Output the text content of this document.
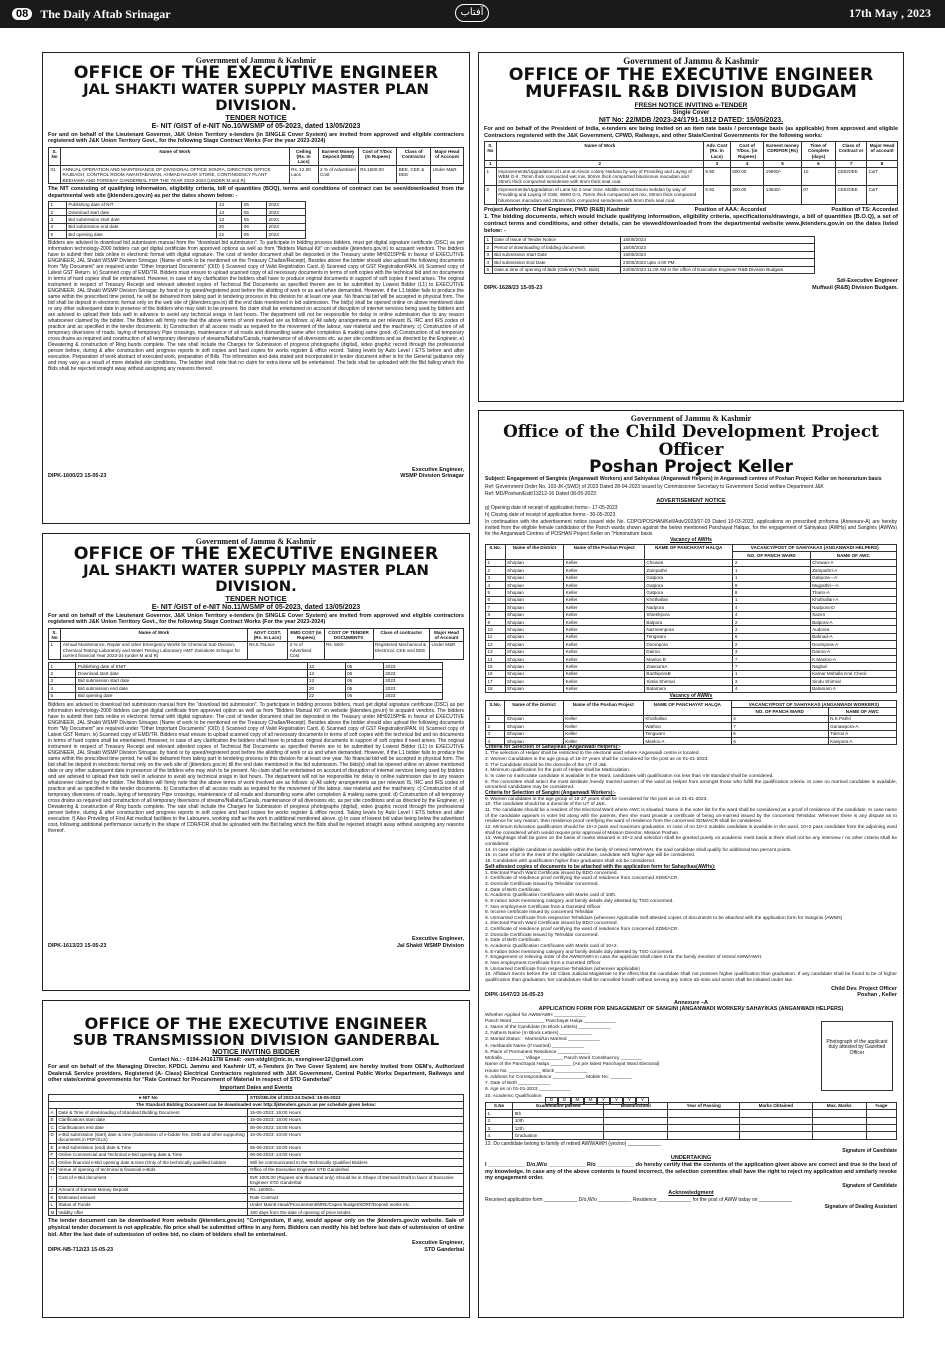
08	The Daily Aftab Srinagar	آفتاب	17th May , 2023
Government of Jammu & Kashmir
OFFICE OF THE EXECUTIVE ENGINEER
JAL SHAKTI WATER SUPPLY MASTER PLAN DIVISION.
TENDER NOTICE
E- NIT /GIST of e-NIT No.10/WSMP of 05-2023, dated 13/05/2023
For and on behalf of the Lieutenant Governor, J&K Union Territory e-tenders (in SINGLE Cover System) are invited from approved and eligible contractors registered with J&K Union Territory Govt., for the following Stage Contract Works (For the year 2023-2024)
S. No	Name of Work	Ceiling (Rs. In Lacs)	Earnest Money Deposit (EMD)	Cost of T/Doc (In Rupees)	Class of Contractor	Major Head of Account
01	ANNUAL OPERATION AND MAINTENANCE OF DIVISIONAL OFFICE SOURA, DIRECTION OFFICE RAJBAGH, CONTROL ROOM AWANTABAWAN, AHMAD NAGAR STORE, CONTINGENCY PLANT BEEHAMA AND FOREBAY GANDERBAL FOR THE YEAR 2023-2024 (UNDER M and R).	Rs. 12.00 Lacs	2 % of Advertised Cost	Rs.1500.00	BEE, CEE & DEE	Under M&R
The NIT consisting of qualifying information, eligibility criteria, bill of quantities (BOQ), terms and conditions of contract can be seen/downloaded from the departmental web site (jktenders.gov.in) as per the dates shown below: -
1	Publishing date of NIT	13	05	2023
2	Download start date	13	05	2023
3	Bid submission start date	13	05	2023
4	Bid submission end date	20	05	2023
5	Bid opening date	22	05	2023
Bidders are advised to download bid submission manual from the "download bid submission". To participate in bidding process bidders, must get digital signature certificate (DSC) as per information technology-2000 bidders can get digital certificate from approved options as well as from "Bidders Manual Kit" on website (jktenders.gov.in) to acquaint vendors. The bidders have to submit their bids online in electronic format with digital signature. The cost of tender document shall be deposited in the Treasury under MH0215PHE in favour of EXECUTIVE ENGINEER, JAL Shakti WSMP Division Srinagar. (Name of work to be mentioned on the Treasury Challan/Receipt). Besides above the bidder should also upload the following documents from "My Document" are required under "Other Important Documents" (OID) i) Scanned copy of Valid Registration Card. ii) Scanned copy of GST Registration/PAN. iii) Scanned copy of Latest GST Return. iv) Scanned copy of EMD/TR. Bidders must ensure to upload scanned copy of all necessary documents in terms of soft copies with the technical bid and no documents in terms of hard copies shall be entertained. However, in case of any clarification the bidders shall have to produce original documents in support of soft copies if need arises. The original instrument in respect of Treasury Receipt and relevant attested copies of Technical Bid Documents as specified therein are to be submitted by Lowest Bidder (L1) to EXECUTIVE ENGINEER, JAL Shakti WSMP Division Srinagar. by hand or by speed/registered post before the allotting of work or as and when demanded. However, if the L1 bidder fails to produce the same within the prescribed time period, he will be debarred from taking part in tendering process in this division for at least one year. No financial bid will be accepted in physical form. The bid shall be deposit in electronic format only on the web site of (jktenders.gov.in) till the end date mentioned in bid submission. The bid(s) shall be opened online on above mentioned date or any other subsequent date in presence of the bidders who may wish to be present. No claim shall be entertained on account of disruption of internet services being used by bidders and are advised to upload their bids well in advance to avoid any technical snags in last hours. The department will not be responsible for delay in online submission due to any reason whatsoever claimed by the bidder. The Bidders will firmly note that the above terms of work involved are as follows: a) All safety arrangements as per relevant IS, IRC and IRS codes of practice and as specified in the tender documents. b) Construction of all access roads as required for the movement of the labour, raw material and the machinery. c) Construction of all temporary diversions of roads, laying of temporary Pipe crossings, maintenance of all roads and dismantling same after completion & making same good. d) Construction of all temporary cross drains as required and construction of all temporary diversions of streams/Nallahs/Canals, maintenance of all diversions etc. as per site conditions and as directed by the Engineer. e) Dewatering & construction of Ring bunds complete. The rate shall include the Charges for Submission of progress photographs (digital), video graphic record through the professional person before, during & after construction and progress reports in soft copies and hard copies for works register & office record. Taking levels by Auto Level / ETS before and after execution. Preparation of work abstract of executed work, preparation of Bills. The information and data stated and incorporated in tender document either is for the General guidance only and may vary as a result of more detailed site conditions. The bidder shall note that no claim for extra items will be entertained. The bids shall be uploaded with the Bid failing which the Bids shall be rejected straight away without assigning any reasons thereof.
Executive Engineer,
DIPK-1600/23 15-05-23	WSMP Division Srinagar
Government of Jammu & Kashmir
OFFICE OF THE EXECUTIVE ENGINEER
JAL SHAKTI WATER SUPPLY MASTER PLAN DIVISION.
TENDER NOTICE
E- NIT /GIST of e-NIT No.11/WSMP of 05-2023, dated 13/05/2023
For and on behalf of the Lieutenant Governor, J&K Union Territory e-tenders (in SINGLE Cover System) are invited from approved and eligible contractors registered with J&K Union Territory Govt., for the following Stage Contract Works (For the year 2023-2024)
S. No	Name of Work	ADVT COST. (Rs. In Lacs)	EMD COST (In Rupees)	COST OF TENDER DOCUMENTS	Class of contractor	Major Head of Account
1	Annual Maintenance, Repair and other Emergency Works for Chemical Sub Division, Chemical Testing Laboratory and Water Testing Laboratory HMT Zainakote Srinagar for current financial Year 2023-24 (under M and R)	Rs.5.75Lacs	2 % of Advertised Cost	Rs. 500/-	Registered Mechanical & Electrical, CEE and DEE	Under M&R
1	Publishing date of ENIT	13	05	2023
2	Download start date	13	05	2023
3	Bid submission start date	13	05	2023
4	Bid submission end date	20	05	2023
5	Bid opening date	22	05	2023
Bidders are advised to download bid submission manual from the "download bid submission". To participate in bidding process bidders, must get digital signature certificate (DSC) as per information technology-2000 bidders can get digital certificate from approved option as well as from "Bidders Manual Kit" on website (jktenders.gov.in) to acquaint vendors. The bidders have to submit their bids online in electronic format with digital signature. The cost of tender document shall be deposited in the Treasury under MH0215PHE in favour of EXECUTIVE ENGINEER, JAL Shakti WSMP Division Srinagar. (Name of work to be mentioned on the Treasury Challan/Receipt). Besides above the bidder should also upload the following documents from "My Document" are required under "Other Important Documents" (OID) i) Scanned copy of Valid Registration Card. ii) Scanned copy of GST Registration/PAN. iii) Scanned copy of Latest GST Return. iv) Scanned copy of EMD/TR. Bidders must ensure to upload scanned copy of all necessary documents in terms of soft copies with the technical bid and no documents in terms of hard copies shall be entertained. However, in case of any clarification the bidders shall have to produce original documents in support of soft copies if need arises. The original instrument in respect of Treasury Receipt and relevant attested copies of Technical Bid Documents as specified therein are to be submitted by Lowest Bidder (L1) to EXECUTIVE ENGINEER, JAL Shakti WSMP Division Srinagar. by hand or by speed/registered post before the allotting of work or as and when demanded. However, if the L1 bidder fails to produce the same within the prescribed time period, he will be debarred from taking part in tendering process in this division for at least one year. No financial bid will be accepted in physical form. The bid shall be deposit in electronic format only on the web site of (jktenders.gov.in) till the end date mentioned in the bid submission. The bids(s) shall be opened online on above mentioned date or any other subsequent date in presence of the bidders who may wish to be present. No claim shall be entertained on account of disruption of internet services being used by bidders and are advised to upload their bids well in advance to avoid any technical snags in last hours. The department will not be responsible for delay in online submission due to any reason whatsoever claimed by the bidder. The Bidders will firmly note that the above terms of work involved are as follows: a) All safety arrangements as per relevant IS, IRC and IRS codes of practice and as specified in the tender documents. b) Construction of all access roads as required for the movement of the labour, raw material and the machinery. c) Construction of all temporary diversions of roads, laying of temporary Pipe crossings, maintenance of all roads and dismantling same after completion & making same good. d) Construction of all temporary cross drains as required and construction of all temporary diversions of streams/Nallahs/Canals, maintenance of all diversions etc. as per site conditions and as directed by the Engineer. e) Dewatering & construction of Ring bunds complete. The rate shall include the Charges for Submission of progress photographs (digital), video graphic record through the professional person before, during & after construction and progress reports in soft copies and hard copies for works register & office record. Taking levels by Auto Level / ETS before and after execution. f) Also Providing of First Aid medical facilities to the Labourers, working staff as the work in additional mentioned above. g) In case of lowest bid value being below the advertised cost, following additional performance security in the shape of CDR/FDR shall be uploaded with the Bid failing which the Bids shall be rejected straight away without assigning any reasons thereof.
Executive Engineer,
DIPK-1613/23 15-05-23	Jal Shakti WSMP Division
OFFICE OF THE EXECUTIVE ENGINEER
SUB TRANSMISSION DIVISION GANDERBAL
NOTICE INVITING BIDDER
Contact No.: - 0194-2416178/ Email: -xen-stdgbl@nic.in, exengineer12@gmail.com
For and on behalf of the Managing Director, KPDCL Jammu and Kashmir UT, e-Tenders (in Two Cover System) are hereby invited from OEM's, Authorized Dealers& Service providers, Registered (A- Class) Electrical Contractors registered with J&K Government, Central Public Works Department, Railways and other state/central governments for "Rate Contract for Procurement of Material in respect of STD Ganderbal"
Important Dates and Events
e-NIT No		STD/GBL/06 of 2023-24 Dated: 15-05-2023
The Standard Bidding Document can be downloaded over http://jktenders.gov.in as per schedule given below:		
A	Date & Time of downloading of Standard Bidding Document	15-05-2023: 16:00 Hours
B	Clarifications start date	15-05-2023: 16:00 Hours
C	Clarifications end date	05-06-2023: 16:00 Hours
D	e-Bid submission (start) date & time (Submission of e-bidder fee, EMD and other supporting documents in PDF/XLS)	16-05-2023: 10:00 Hours
E	e-Bid submission (end) date & Time	05-06-2023: 16:00 Hours
F	Online Commercial and Technical e-Bid opening date & Time	06-06-2023: 14:00 Hours
G	Online financial e-Bid opening date & time (Only of the technically qualified bidders	Will be communicated to the Technically Qualified Bidders
H	Venue of opening of technical & financial e-Bids	Office of the Executive Engineer STD Ganderbal
I	Cost of e-Bid document	INR 1000.00 (Rupees one thousand only) Should be in Shape of Demand Draft in favor of Executive Engineer STD Ganderbal
J	Amount of Earnest Money Deposit	Rs. 10000/=
K	Estimated amount	Rate Contract
L	Status of Funds	Under MainIt Head/Procurement/MRE/Capex Budget/SDRF/Deposit works etc.
M	Validity offer	180 days from the date of opening of price tender.
The tender document can be downloaded from website (jktenders.gov.in) "Corrigendum, if any, would appear only on the jktenders.gov.in website. Sale of physical tender document is not applicable. No price shall be submitted offline in any form. Bidders can modify his bid before last date of submission of online bid. After the last date of submission of online bid, no claim of bidders shall be entertained.
Executive Engineer,
DIPK-NB-712/23 15-05-23	STD Ganderbal
Government of Jammu & Kashmir
OFFICE OF THE EXECUTIVE ENGINEER
MUFFASIL R&B DIVISION BUDGAM
FRESH NOTICE INVITING e-TENDER
Single Cover
NIT No: 22/MDB /2023-24/1791-1812 DATED: 15/05/2023.
For and on behalf of the President of India, e-tenders are being invited on an item rate basis / percentage basis (as applicable) from approved and eligible Contractors registered with the J&K Government, CPWD, Railways, and other State/Central Governments for the following works:
S. No	Name of Work	Adv. Cost (Rs. in Lacs)	Cost of T/Doc. (in Rupees)	Earnest money CDR/FDR (Rs)	Time of Complete (days)	Class of Contract or	Major Head of account
1	2	3	4	5	6	7	8
1	Improvements/Upgradation of Lane at Alnoor colony Narkara by way of Providing and Laying of WBM G-II, 75mm thick compacted wet mix, 50mm thick compacted bituminous macadam and 25mm thick compacted semidense with 6mm thick seal coat.	9.90	600.00	19800/-	10	CEE/DEE	C&T
2	Improvements/Upgradation of Lane No 3 near Govt. Middle School Dooru Sebdan by way of Providing and Laying of GSB, WBM G-II, 75mm thick compacted wet mix, 50mm thick compacted bituminous macadam and 25mm thick compacted semidense with 6mm thick seal coat.	6.92	300.00	13840/-	07	CEE/DEE	C&T
Project Authority: Chief Engineer, PWD (R&B) Kashmir	Position of AAA: Accorded	Position of TS: Accorded
1. The bidding documents, which would include qualifying information, eligibility criteria, specifications/drawings, a bill of quantities (B.O.Q), a set of contract terms and conditions, and other details, can be viewed/downloaded from the departmental website www.jktenders.gov.in on the dates listed below: -
1	Date of Issue of Tender Notice	15/05/2023
2	Period of downloading of bidding documents	15/05/2023
3	Bid submission Start Date	15/05/2023
4	Bid submission End Date	23/05/2023 upto 4.00 PM.
5	Date & time of opening of Bids (Online) (Tech. Bids)	24/05/2023 11.00 AM in the office of Executive Engineer R&B Division Budgam
Sd/-Executive Engineer
DIPK-1628/23 15-05-23	Muffasil (R&B) Division Budgam.
Government of Jammu & Kashmir
Office of the Child Development Project Officer
Poshan Project Keller
Subject: Engagement of Sanginis (Anganwadi Workers) and Sahiyakas (Anganwadi Helpers) in Anganwadi centres of Poshan Project Keller on honorarium basis
Ref: Government Order No. 103-JK-(SWD) of 2023 Dated 28-04-2023 issued by Commissioner Secretary to Government Social welfare Department J&K
Ref: MD/Poshan/Estt/13212-16 Dated 08-05-2023
ADVERTISEMENT NOTICE
g) Opening date of receipt of application forms:- 17-05-2023
h) Closing date of receipt of application forms:- 30-05-2023
In continuation with the advertisement notice issued vide No. CDPO/POSHAN/Kell/Adv/2023/07-03 Dated 10-03-2023, applications on prescribed proforma (Annexure-A) are hereby invited from the eligible female candidates of the Panch wards shown against the below mentioned Panchayat Halqas, for the engagement of Sahiyakas (AWHs) and Sanginis (AWWs) for the Anganwadi Centres of POSHAN Project Keller on "Honorarium basis
Vacancy of AWHs
S.No.	Name of the District	Name of the Poshan Project	NAME OF PANCHAYAT HALQA	VACANCY/POST OF SAHIYAKAS (ANGANWADI HELPERS)	
				NO. OF PANCH WARD	NAME OF AWC
1	Shopian	Keller	Chowan	2	Chowan-A
2	Shopian	Keller	Zampathri	1	Zampathri-A
3	Shopian	Keller	Gatpora	1	Gatipora—A
4	Shopian	Keller	Gatpora	9	Mujpathri—A
5	Shopian	Keller	Gatpora	8	Tharin-A
6	Shopian	Keller	Khothallan	1	Khothallan-A
7	Shopian	Keller	Nadpora	4	Nadpora-D
8	Shopian	Keller	Shiekhpora	4	Sazen
9	Shopian	Keller	Balpora	2	Balpora-A
10	Shopian	Keller	Nazneenpora	3	Audoora
11	Shopian	Keller	Tengwani	6	Babnad-A
12	Shopian	Keller	Doompora	2	Doompora-A
13	Shopian	Keller	Dairoo	3	Dairoo-A
14	Shopian	Keller	Manloo B	7	K.Manloo-A
15	Shopian	Keller	ZawooraA	7	Nagbal
16	Shopian	Keller	BarthiporaB	1	Kamar Mohalla Kral Check
17	Shopian	Keller	Simla Shirmal	3	Sindu Shirmal
18	Shopian	Keller	Batamam	4	Batamam A
Vacancy of AWWs
S.No.	Name of the District	Name of the Poshan Project	NAME OF PANCHAYAT HALQA	VACANCY/POST OF SAHIYAKAS (ANGANWADI WORKERS)	
				NO. OF PANCH WARD	NAME OF AWC
1	Shopian	Keller	Khothallan	4	N.K.Pathri
2	Shopian	Keller	Wathoo	7	Ganawpora-A
3	Shopian	Keller	Tengwani	5	Tukroo A
4	Shopian	Keller	Manloo A	6	Kanipora A
Criteria for Selection of Sahayikas (Anganwadi Helpers):-
1. The selection of Helper shall be restricted to the electoral ward where Anganwadi centre is located.
2. Women Candidates in the age group of 18-37 years shall be considered for the post as on 01-01-2023.
3. The Candidate should be the domicile of the UT of J&k
4. Minimum qualification for the post of Helper shall be Matriculation.
5. In case no matriculate candidate is available in the Ward, candidates with qualification not less than VIII standard shall be considered.
6. The committee shall select the most destitute /needy married women of the ward as Helper from amongst those who fulfill the qualification criteria. In case no married candidate is available, unmarried candidates may be considered.
Criteria for Selection of Sangini (Anganwadi Workers):-
9. Women candidates in the age group of 18-37 years shall be considered for the post as on 01-01-2023.
10. The candidate should be a domicile of the UT of J&K.
11. The candidate should be a resident of the Electoral Ward where AWC is situated. Name in the voter list for the ward shall be considered as a proof of residence of the candidate. In case name of the candidate appears in voter list along with the parents, then she must provide a certificate of being un-married issued by the concerned Tehsildar. Wherever there is any dispute as to residence for any reason, then residence proof certifying the ward of residence from the concerned SDM/ACR shall be considered.
12. Minimum Education qualification should be 10+2 pass and maximum graduation. In case of no 10+2 suitable candidate is available in the ward, 10+2 pass candidate from the adjoining ward shall be considered which would require prior approval of Mission Director, Mission Poshan.
13. Weightage shall be given on the basis of marks obtained in 10+2 and selection shall be granted purely on academic merit basis & there shall not be any interview / no other criteria shall be considered.
14. In case eligible candidate is available within the family of retired AWW/AWH, the said candidate shall qualify for additional two percent points.
15. In case of tie in the merit of the eligible candidate, candidate with higher age will be considered.
16. Candidates with qualification higher than graduation shall not be considered.
Self-attested copies of documents to be attached with the application form for Sahayikas(AWHs):
1. Electoral Panch Ward Certificate issued by BDO concerned.
2. Certificate of residence proof certifying the ward of residence from concerned SDM/ACR.
3. Domicile Certificate issued by Tehsildar concerned.
4. Date of Birth Certificate.
5. Academic Qualification Certificates with Marks card of 10th.
6. E-ration ticket mentioning category and family details duly attested by TSO concerned.
7. Non employment Certificate from a Gazetted Officer
8. Income certificate issued by concerned Tehsildar
9. Unmarried Certificate from respective Tehsildars (wherever Applicable Self attested copies of documents to be attached with the application form for Sanginis (AWWs)
1. Electoral Panch Ward Certificate issued by BDO concerned.
2. Certificate of residence proof certifying the ward of residence from concerned SDM/ACR.
3. Domicile Certificate issued by Tehsildar concerned.
4. Date of Birth Certificate.
5. Academic Qualification Certificates with Marks card of 10+2.
6. E-ration ticket mentioning category and family details duly attested by TSO concerned.
7. Engagement or relieving order of the AWW/AWH in case the applicant shall claim to be the family member of retired AWW/AWH.
8. Non employment Certificate from a Gazetted Officer
9. Unmarried Certificate from respective Tehsildars (wherever applicable)
10. Affidavit Sworn before the 1st Class Judicial Magistrate to the effect that the candidate shall not possess higher qualification than graduation. If any candidate shall be found to be of higher qualification than graduation, her candidature shall be cancelled forwith without serving any notice ab-initio and action shall be initiated under law.
Child Dev. Project Officer
DIPK-1647/23 16-05-23	Poshan , Keller
Annexure –A
APPLICATION FORM FOR ENGAGEMENT OF SANGINI (ANGANWADI WORKER)/ SAHAYIKAS (ANGANWADI HELPERS)
Whether Applied for AWW/AWH ____________
Panch Ward ____________ Panchayat Halqa ____________
1. Name of the Candidate (In Block Letters) ____________
2. Fathers Name (In Block Letters) ____________
3. Marital Status: - Married/Un Married ____________
4. Husbands Name (If married) ____________
5. Place of Permanent Residence ____________
Mohalla ________ Village ________ Panch Ward Constituency ________
Name of the Panchayat Halqa ________ (As per latest Panchayat Ward Electoral)
House No. ____________ Block ____________
6. Address for Correspondence ____________ Mobile No: ________
7. Date of Birth ____________
9. Age as on 01-01-2023 ____________
10. Academic Qualification
Photograph of the applicant duly attested by Gazetted Officer
D	D	M	M	Y	Y	Y	Y
S.No	Examination passed	Board/School	Year of Passing	Marks Obtained	Max. Marks	%age
1.	8th					
2.	10th					
3.	12th					
4.	Graduation					
12. Do candidate belong to family of retired AWW/AWH (yes/no) ____________
Signature of Candidate
UNDERTAKING
I ____________ D/o,W/o ____________ R/o ____________ do hereby certify that the contents of the application given above are correct and true to the best of my knowledge. In case any of the above contents is found incorrect, the selection committee shall have the right to reject my application and similarly revoke my engagement order.
Signature of Candidate
Acknowledgment
Received application form ____________ D/o,W/o ____________ Residence ____________ for the post of AWW today on ____________
Signature of Dealing Assistant
